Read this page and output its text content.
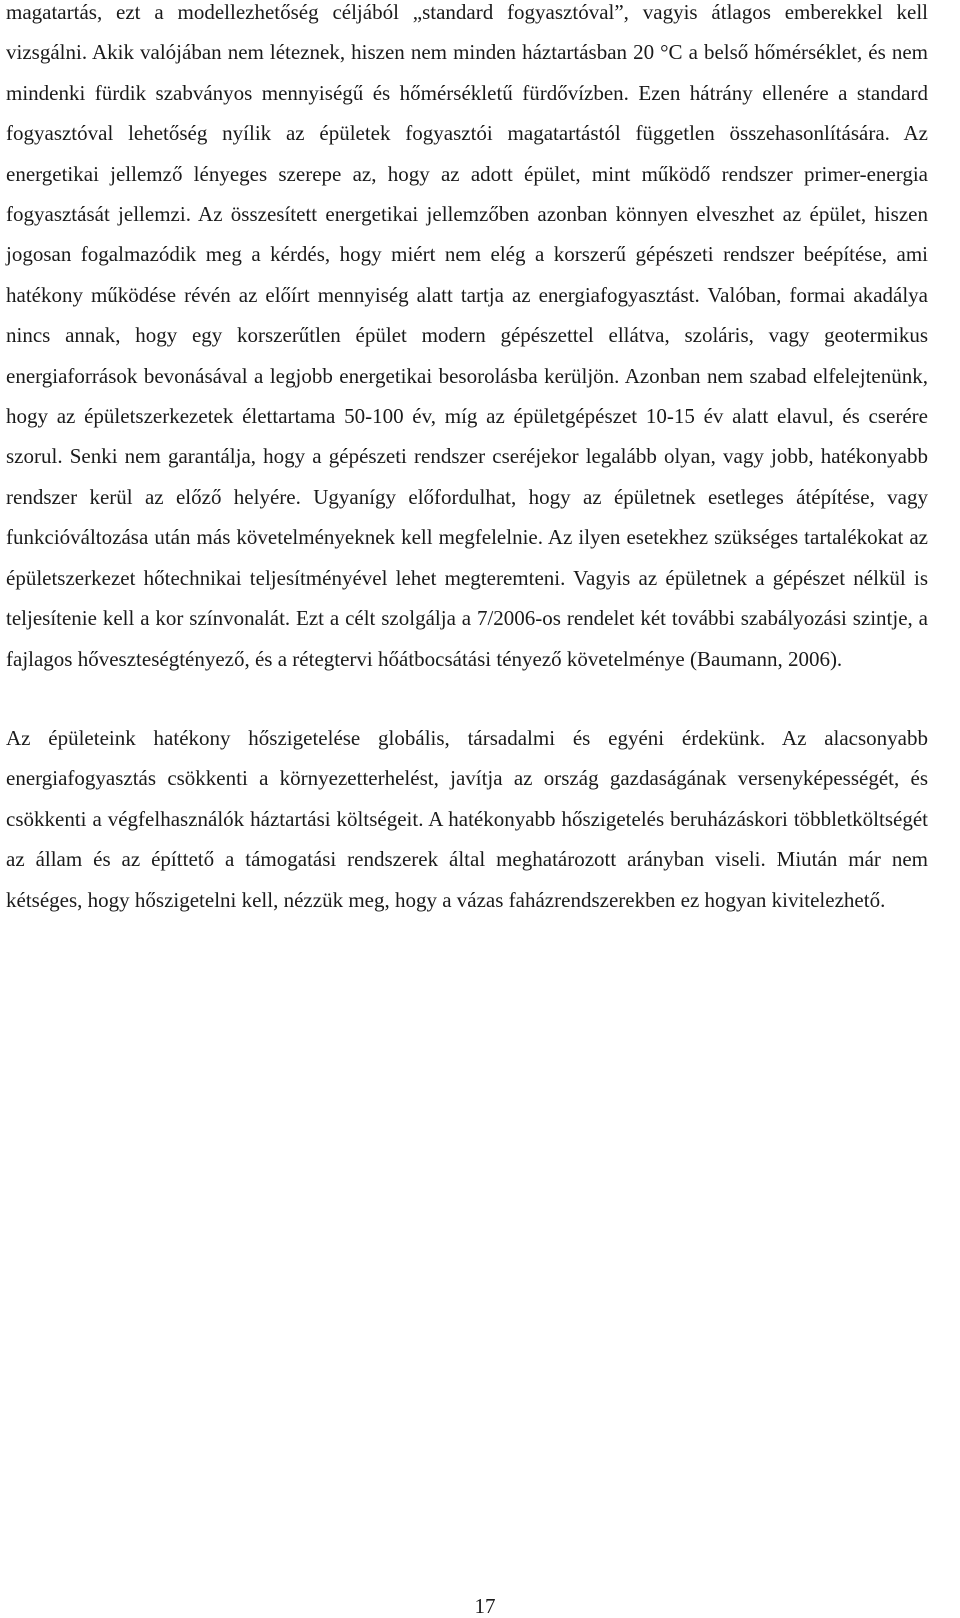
magatartás, ezt a modellezhetőség céljából „standard fogyasztóval”, vagyis átlagos emberekkel kell vizsgálni. Akik valójában nem léteznek, hiszen nem minden háztartásban 20 °C a belső hőmérséklet, és nem mindenki fürdik szabványos mennyiségű és hőmérsékletű fürdővízben. Ezen hátrány ellenére a standard fogyasztóval lehetőség nyílik az épületek fogyasztói magatartástól független összehasonlítására. Az energetikai jellemző lényeges szerepe az, hogy az adott épület, mint működő rendszer primer-energia fogyasztását jellemzi. Az összesített energetikai jellemzőben azonban könnyen elveszhet az épület, hiszen jogosan fogalmazódik meg a kérdés, hogy miért nem elég a korszerű gépészeti rendszer beépítése, ami hatékony működése révén az előírt mennyiség alatt tartja az energiafogyasztást. Valóban, formai akadálya nincs annak, hogy egy korszerűtlen épület modern gépészettel ellátva, szoláris, vagy geotermikus energiaforrások bevonásával a legjobb energetikai besorolásba kerüljön. Azonban nem szabad elfelejtenünk, hogy az épületszerkezetek élettartama 50-100 év, míg az épületgépészet 10-15 év alatt elavul, és cserére szorul. Senki nem garantálja, hogy a gépészeti rendszer cseréjekor legalább olyan, vagy jobb, hatékonyabb rendszer kerül az előző helyére. Ugyanígy előfordulhat, hogy az épületnek esetleges átépítése, vagy funkcióváltozása után más követelményeknek kell megfelelnie. Az ilyen esetekhez szükséges tartalékokat az épületszerkezet hőtechnikai teljesítményével lehet megteremteni. Vagyis az épületnek a gépészet nélkül is teljesítenie kell a kor színvonalát. Ezt a célt szolgálja a 7/2006-os rendelet két további szabályozási szintje, a fajlagos hőveszteségtényező, és a rétegtervi hőátbocsátási tényező követelménye (Baumann, 2006).

Az épületeink hatékony hőszigetelése globális, társadalmi és egyéni érdekünk. Az alacsonyabb energiafogyasztás csökkenti a környezetterhelést, javítja az ország gazdaságának versenyképességét, és csökkenti a végfelhasználók háztartási költségeit. A hatékonyabb hőszigetelés beruházáskori többletköltségét az állam és az építtető a támogatási rendszerek által meghatározott arányban viseli. Miután már nem kétséges, hogy hőszigetelni kell, nézzük meg, hogy a vázas faházrendszerekben ez hogyan kivitelezhető.

17
